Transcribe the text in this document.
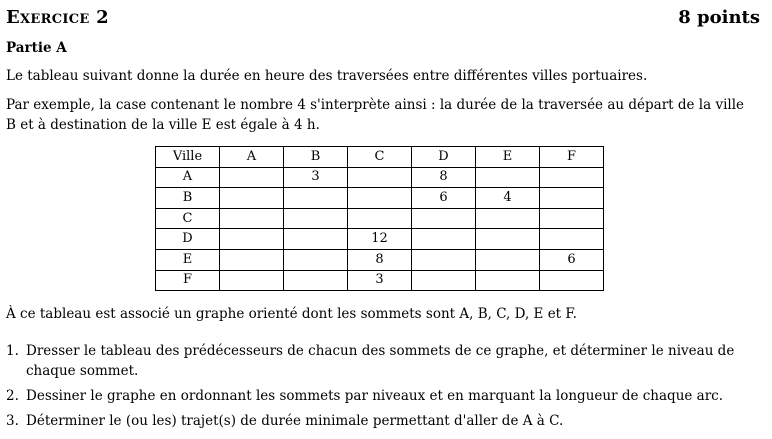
Exercice 2	8 points
Partie A
Le tableau suivant donne la durée en heure des traversées entre différentes villes portuaires.
Par exemple, la case contenant le nombre 4 s'interprète ainsi : la durée de la traversée au départ de la ville B et à destination de la ville E est égale à 4 h.
Ville	A	B	C	D	E	F
A		3		8		
B				6	4	
C						
D			12			
E			8			6
F			3			
À ce tableau est associé un graphe orienté dont les sommets sont A, B, C, D, E et F.
1. Dresser le tableau des prédécesseurs de chacun des sommets de ce graphe, et déterminer le niveau de chaque sommet.
2. Dessiner le graphe en ordonnant les sommets par niveaux et en marquant la longueur de chaque arc.
3. Déterminer le (ou les) trajet(s) de durée minimale permettant d'aller de A à C.
